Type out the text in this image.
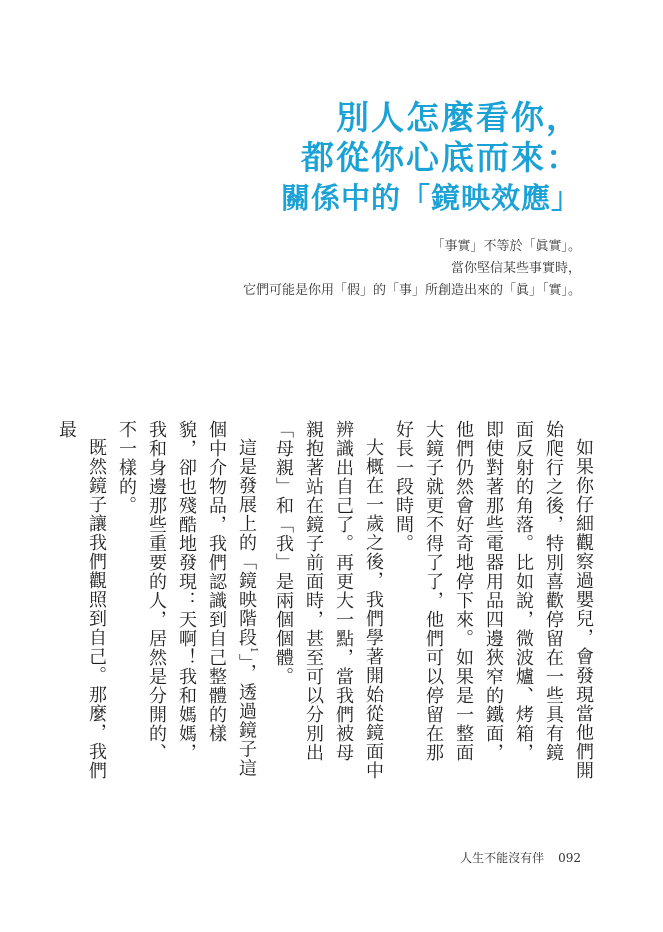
別人怎麼看你，
都從你心底而來：
關係中的「鏡映效應」
「事實」不等於「眞實」。
當你堅信某些事實時，
它們可能是你用「假」的「事」所創造出來的「眞」「實」。

如果你仔細觀察過嬰兒，會發現當他們開始爬行之後，特別喜歡停留在一些具有鏡面反射的角落。比如說，微波爐、烤箱，即使對著那些電器用品四邊狹窄的鐵面，他們仍然會好奇地停下來。如果是一整面大鏡子就更不得了了，他們可以停留在那好長一段時間。

大概在一歲之後，我們學著開始從鏡面中辨識出自己了。再更大一點，當我們被母親抱著站在鏡子前面時，甚至可以分別出「母親」和「我」是兩個個體。

這是發展上的「鏡映階段$^1$」，透過鏡子這個中介物品，我們認識到自己整體的樣貌，卻也殘酷地發現：天啊！我和媽媽，我和身邊那些重要的人，居然是分開的、不一樣的。

既然鏡子讓我們觀照到自己。那麼，我們最

人生不能沒有伴 092
